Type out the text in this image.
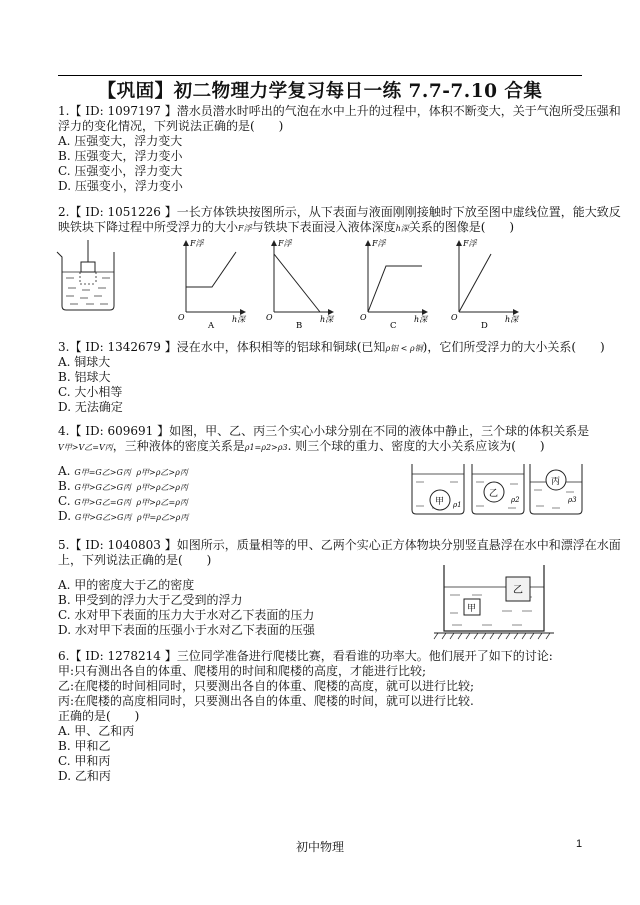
【巩固】初二物理力学复习每日一练 7.7-7.10 合集
1.【 ID: 1097197 】潜水员潜水时呼出的气泡在水中上升的过程中，体积不断变大，关于气泡所受压强和
浮力的变化情况，下列说法正确的是(　　)
A. 压强变大，浮力变大
B. 压强变大，浮力变小
C. 压强变小，浮力变大
D. 压强变小，浮力变小
2.【 ID: 1051226 】一长方体铁块按图所示，从下表面与液面刚刚接触时下放至图中虚线位置，能大致反
映铁块下降过程中所受浮力的大小F浮与铁块下表面浸入液体深度h深关系的图像是(　　)
F浮
O	h深
A
F浮
O	h深
B
F浮
O	h深
C
F浮
O	h深
D
3.【 ID: 1342679 】浸在水中，体积相等的铝球和铜球(已知ρ铝 < ρ铜)，它们所受浮力的大小关系(　　)
A. 铜球大
B. 铝球大
C. 大小相等
D. 无法确定
4.【 ID: 609691 】如图，甲、乙、丙三个实心小球分别在不同的液体中静止，三个球的体积关系是
V甲>V乙=V丙，三种液体的密度关系是ρ1=ρ2>ρ3. 则三个球的重力、密度的大小关系应该为(　　)
A. G甲=G乙>G丙 ρ甲>ρ乙>ρ丙
B. G甲>G乙>G丙 ρ甲>ρ乙>ρ丙
C. G甲>G乙=G丙 ρ甲>ρ乙=ρ丙
D. G甲>G乙>G丙 ρ甲=ρ乙>ρ丙
甲 ρ1
乙
ρ2
丙
ρ3
5.【 ID: 1040803 】如图所示，质量相等的甲、乙两个实心正方体物块分别竖直悬浮在水中和漂浮在水面
上，下列说法正确的是(　　)
A. 甲的密度大于乙的密度
B. 甲受到的浮力大于乙受到的浮力
C. 水对甲下表面的压力大于水对乙下表面的压力
D. 水对甲下表面的压强小于水对乙下表面的压强
甲
乙
6.【 ID: 1278214 】三位同学准备进行爬楼比赛，看看谁的功率大。他们展开了如下的讨论:
甲:只有测出各自的体重、爬楼用的时间和爬楼的高度，才能进行比较;
乙:在爬楼的时间相同时，只要测出各自的体重、爬楼的高度，就可以进行比较;
丙:在爬楼的高度相同时，只要测出各自的体重、爬楼的时间，就可以进行比较.
正确的是(　　)
A. 甲、乙和丙
B. 甲和乙
C. 甲和丙
D. 乙和丙
初中物理	1
